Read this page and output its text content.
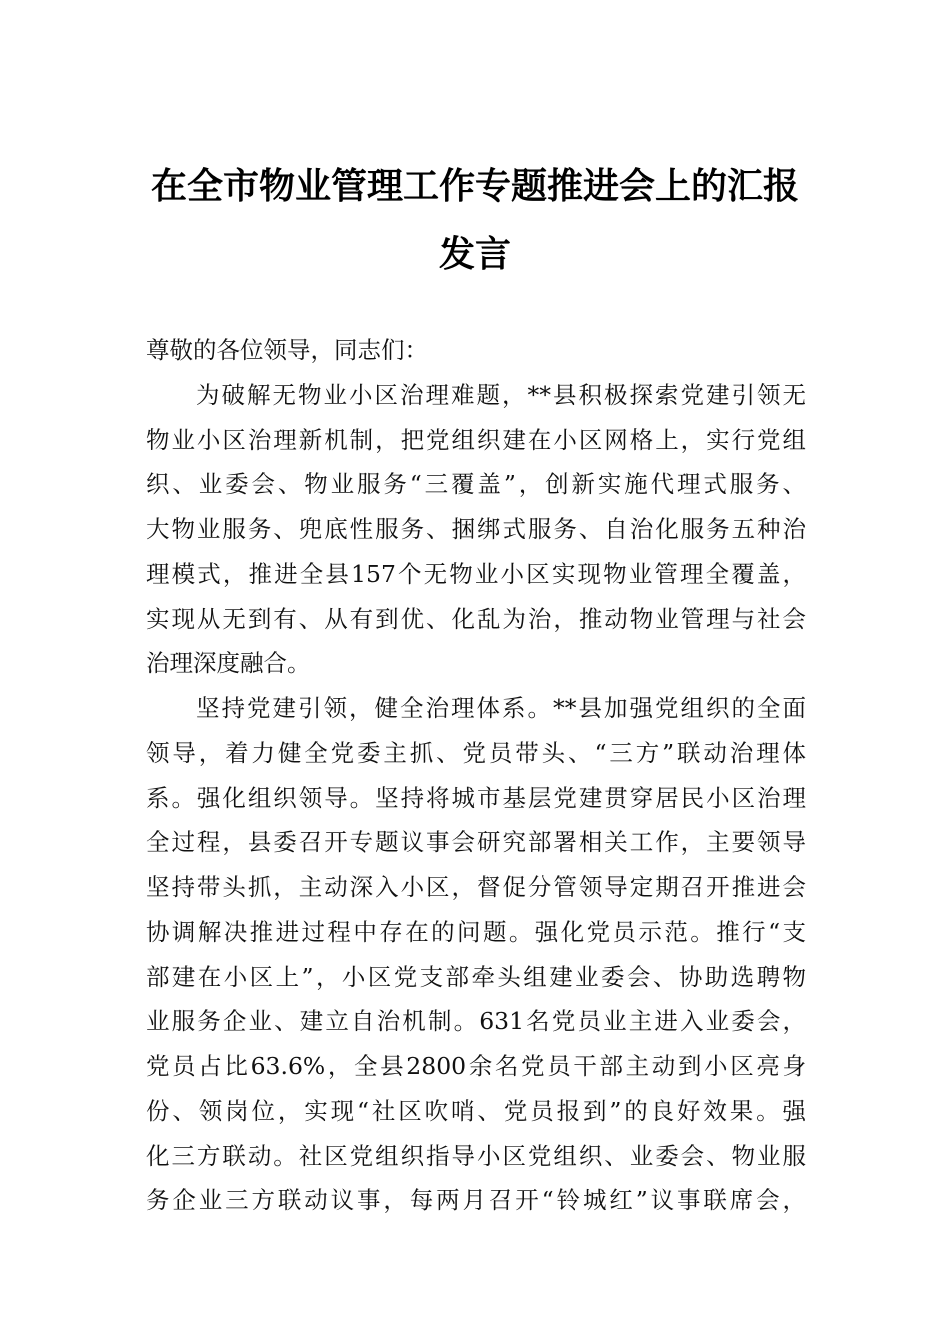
在全市物业管理工作专题推进会上的汇报
发言
尊敬的各位领导，同志们：
为破解无物业小区治理难题，**县积极探索党建引领无
物业小区治理新机制，把党组织建在小区网格上，实行党组
织、业委会、物业服务“三覆盖”，创新实施代理式服务、
大物业服务、兜底性服务、捆绑式服务、自治化服务五种治
理模式，推进全县157个无物业小区实现物业管理全覆盖，
实现从无到有、从有到优、化乱为治，推动物业管理与社会
治理深度融合。
坚持党建引领，健全治理体系。**县加强党组织的全面
领导，着力健全党委主抓、党员带头、“三方”联动治理体
系。强化组织领导。坚持将城市基层党建贯穿居民小区治理
全过程，县委召开专题议事会研究部署相关工作，主要领导
坚持带头抓，主动深入小区，督促分管领导定期召开推进会
协调解决推进过程中存在的问题。强化党员示范。推行“支
部建在小区上”，小区党支部牵头组建业委会、协助选聘物
业服务企业、建立自治机制。631名党员业主进入业委会，
党员占比63.6%，全县2800余名党员干部主动到小区亮身
份、领岗位，实现“社区吹哨、党员报到”的良好效果。强
化三方联动。社区党组织指导小区党组织、业委会、物业服
务企业三方联动议事，每两月召开“铃城红”议事联席会，
